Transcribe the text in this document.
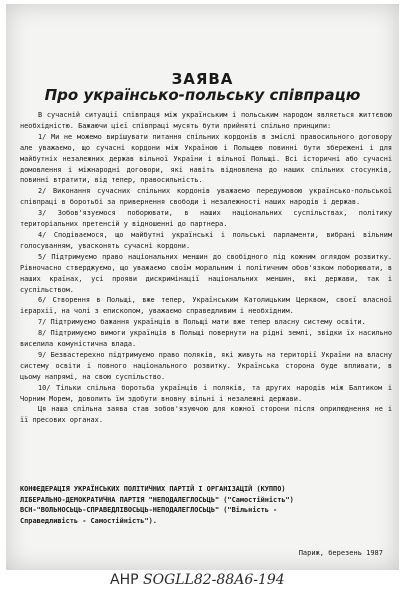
ЗАЯВА
Про українсько-польську співпрацю

В сучасній ситуації співпраця між українським і польським народом являється життєвою необхідністю. Бажаючи цієї співпраці мусять бути прийняті спільно принципи:

1/ Ми не можемо вирішувати питання спільних кордонів в зміслі правосильного договору але уважаємо, що сучасні кордони між Україною і Польщею повинні бути збережені і для майбутніх незалежних держав вільної України і вільної Польщі. Всі історичні або сучасні домовлення і міжнародні договори, які навіть відновлена до наших спільних стосунків, повинні втратити, від тепер, правосильність.

2/ Виконання сучасних спільних кордонів уважаємо передумовою українсько-польської співпраці в боротьбі за привернення свободи і незалежності наших народів і держав.

3/ Зобов'язуємося поборювати, в наших національних суспільствах, політику територіальних претенсій у відношенні до партнера.

4/ Сподіваємося, що майбутні українські і польські парламенти, вибрані вільним голосуванням, увасконять сучасні кордони.

5/ Підтримуємо право національних меншин до свобідного під кожним оглядом розвитку. Рівночасно стверджуємо, що уважаємо своїм моральним і політичним обов'язком поборювати, в наших країнах, усі прояви дискримінації національних меншин, які держави, так і суспільством.

6/ Створення в Польщі, вже тепер, Українським Католицьким Церквом, своєї власної ієрархії, на чолі з епископом, уважаємо справедливим і необхідним.

7/ Підтримуємо бажання українців в Польщі мати вже тепер власну систему освіти.

8/ Підтримуємо вимоги українців в Польщі повернути на рідні землі, звідки їх насильно виселила комуністична влада.

9/ Безвастерехно підтримуємо право поляків, які живуть на території України на власну систему освіти і повного національного розвитку. Українська сторона буде впливати, в цьому напрямі, на свою суспільство.

10/ Тільки спільна боротьба українців і поляків, та других народів між Балтиком і Чорним Морем, доволить їм здобути вновну вільні і незалежні держави.

Ця наша спільна заява став зобов'язуючою для кожної сторони після оприлюднення не і її пресових органах.

КОНФЕДЕРАЦІЯ УКРАЇНСЬКИХ ПОЛІТИЧНИХ ПАРТІЙ І ОРГАНІЗАЦІЙ (КУППО)
ЛІБЕРАЛЬНО-ДЕМОКРАТИЧНА ПАРТІЯ "НЕПОДАЛЕГЛОСЬЦЬ" ("Самостійність")
ВСН-"ВОЛЬНОСЬЦЬ-СПРАВЕДЛІВОСЬЦЬ-НЕПОДАЛЕГЛОСЬЦЬ" ("Вільність -
Справедливість - Самостійність").
Париж, березень 1987
АНР SOGLL82-88A6-194
